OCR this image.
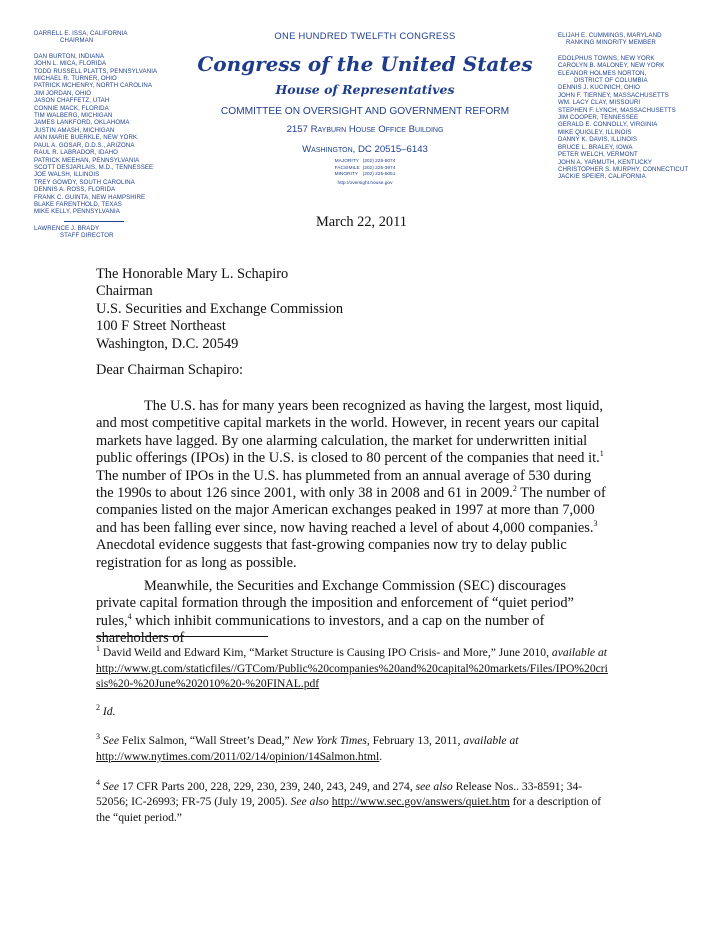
DARRELL E. ISSA, CALIFORNIA
CHAIRMAN
DAN BURTON, INDIANA
JOHN L. MICA, FLORIDA
TODD RUSSELL PLATTS, PENNSYLVANIA
MICHAEL R. TURNER, OHIO
PATRICK MCHENRY, NORTH CAROLINA
JIM JORDAN, OHIO
JASON CHAFFETZ, UTAH
CONNIE MACK, FLORIDA
TIM WALBERG, MICHIGAN
JAMES LANKFORD, OKLAHOMA
JUSTIN AMASH, MICHIGAN
ANN MARIE BUERKLE, NEW YORK
PAUL A. GOSAR, D.D.S., ARIZONA
RAUL R. LABRADOR, IDAHO
PATRICK MEEHAN, PENNSYLVANIA
SCOTT DESJARLAIS, M.D., TENNESSEE
JOE WALSH, ILLINOIS
TREY GOWDY, SOUTH CAROLINA
DENNIS A. ROSS, FLORIDA
FRANK C. GUINTA, NEW HAMPSHIRE
BLAKE FARENTHOLD, TEXAS
MIKE KELLY, PENNSYLVANIA
LAWRENCE J. BRADY
STAFF DIRECTOR
ELIJAH E. CUMMINGS, MARYLAND
RANKING MINORITY MEMBER
EDOLPHUS TOWNS, NEW YORK
CAROLYN B. MALONEY, NEW YORK
ELEANOR HOLMES NORTON,
DISTRICT OF COLUMBIA
DENNIS J. KUCINICH, OHIO
JOHN F. TIERNEY, MASSACHUSETTS
WM. LACY CLAY, MISSOURI
STEPHEN F. LYNCH, MASSACHUSETTS
JIM COOPER, TENNESSEE
GERALD E. CONNOLLY, VIRGINIA
MIKE QUIGLEY, ILLINOIS
DANNY K. DAVIS, ILLINOIS
BRUCE L. BRALEY, IOWA
PETER WELCH, VERMONT
JOHN A. YARMUTH, KENTUCKY
CHRISTOPHER S. MURPHY, CONNECTICUT
JACKIE SPEIER, CALIFORNIA
ONE HUNDRED TWELFTH CONGRESS
Congress of the United States
House of Representatives
COMMITTEE ON OVERSIGHT AND GOVERNMENT REFORM
2157 Rayburn House Office Building
Washington, DC 20515–6143
MAJORITY (202) 225-5074
FACSIMILE (202) 225-3974
MINORITY (202) 225-5051
http://oversight.house.gov
March 22, 2011
The Honorable Mary L. Schapiro
Chairman
U.S. Securities and Exchange Commission
100 F Street Northeast
Washington, D.C. 20549
Dear Chairman Schapiro:

The U.S. has for many years been recognized as having the largest, most liquid, and most competitive capital markets in the world. However, in recent years our capital markets have lagged. By one alarming calculation, the market for underwritten initial public offerings (IPOs) in the U.S. is closed to 80 percent of the companies that need it.$^1$ The number of IPOs in the U.S. has plummeted from an annual average of 530 during the 1990s to about 126 since 2001, with only 38 in 2008 and 61 in 2009.$^2$ The number of companies listed on the major American exchanges peaked in 1997 at more than 7,000 and has been falling ever since, now having reached a level of about 4,000 companies.$^3$ Anecdotal evidence suggests that fast-growing companies now try to delay public registration for as long as possible.

Meanwhile, the Securities and Exchange Commission (SEC) discourages private capital formation through the imposition and enforcement of “quiet period” rules,$^4$ which inhibit communications to investors, and a cap on the number of shareholders of

$^1$ David Weild and Edward Kim, “Market Structure is Causing IPO Crisis- and More,” June 2010, available at
http://www.gt.com/staticfiles//GTCom/Public%20companies%20and%20capital%20markets/Files/IPO%20crisis%20-%20June%202010%20-%20FINAL.pdf

$^2$ Id.

$^3$ See Felix Salmon, “Wall Street’s Dead,” New York Times, February 13, 2011, available at
http://www.nytimes.com/2011/02/14/opinion/14Salmon.html.

$^4$ See 17 CFR Parts 200, 228, 229, 230, 239, 240, 243, 249, and 274, see also Release Nos.. 33-8591; 34-52056; IC-26993; FR-75 (July 19, 2005). See also http://www.sec.gov/answers/quiet.htm for a description of the “quiet period.”
